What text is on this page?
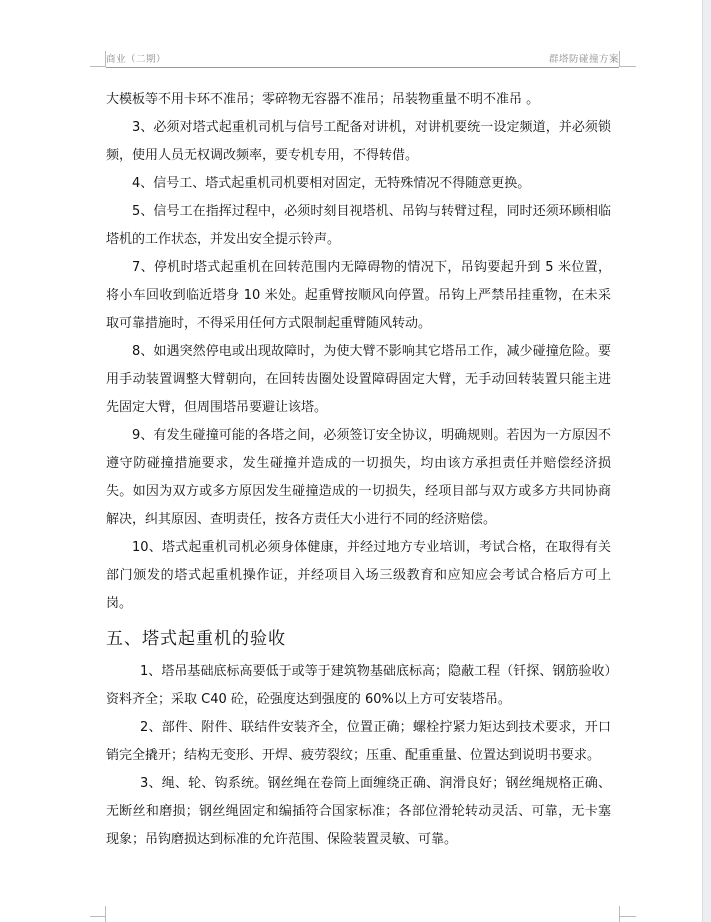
商业（二期）	群塔防碰撞方案

大模板等不用卡环不准吊；零碎物无容器不准吊；吊装物重量不明不准吊 。

3、必须对塔式起重机司机与信号工配备对讲机，对讲机要统一设定频道，并必须锁频，使用人员无权调改频率，要专机专用，不得转借。

4、信号工、塔式起重机司机要相对固定，无特殊情况不得随意更换。

5、信号工在指挥过程中，必须时刻目视塔机、吊钩与转臂过程，同时还须环顾相临塔机的工作状态，并发出安全提示铃声。

7、停机时塔式起重机在回转范围内无障碍物的情况下，吊钩要起升到 5 米位置，将小车回收到临近塔身 10 米处。起重臂按顺风向停置。吊钩上严禁吊挂重物，在未采取可靠措施时，不得采用任何方式限制起重臂随风转动。

8、如遇突然停电或出现故障时，为使大臂不影响其它塔吊工作，减少碰撞危险。要用手动装置调整大臂朝向，在回转齿圈处设置障碍固定大臂，无手动回转装置只能主进先固定大臂，但周围塔吊要避让该塔。

9、有发生碰撞可能的各塔之间，必须签订安全协议，明确规则。若因为一方原因不遵守防碰撞措施要求，发生碰撞并造成的一切损失，均由该方承担责任并赔偿经济损失。如因为双方或多方原因发生碰撞造成的一切损失，经项目部与双方或多方共同协商解决，纠其原因、查明责任，按各方责任大小进行不同的经济赔偿。

10、塔式起重机司机必须身体健康，并经过地方专业培训，考试合格，在取得有关部门颁发的塔式起重机操作证，并经项目入场三级教育和应知应会考试合格后方可上岗。

五、塔式起重机的验收

1、塔吊基础底标高要低于或等于建筑物基础底标高；隐蔽工程（钎探、钢筋验收）资料齐全；采取 C40 砼，砼强度达到强度的 60%以上方可安装塔吊。

2、部件、附件、联结件安装齐全，位置正确；螺栓拧紧力矩达到技术要求，开口销完全撬开；结构无变形、开焊、疲劳裂纹；压重、配重重量、位置达到说明书要求。

3、绳、轮、钩系统。钢丝绳在卷筒上面缠绕正确、润滑良好；钢丝绳规格正确、无断丝和磨损；钢丝绳固定和编插符合国家标准；各部位滑轮转动灵活、可靠，无卡塞现象；吊钩磨损达到标准的允许范围、保险装置灵敏、可靠。
